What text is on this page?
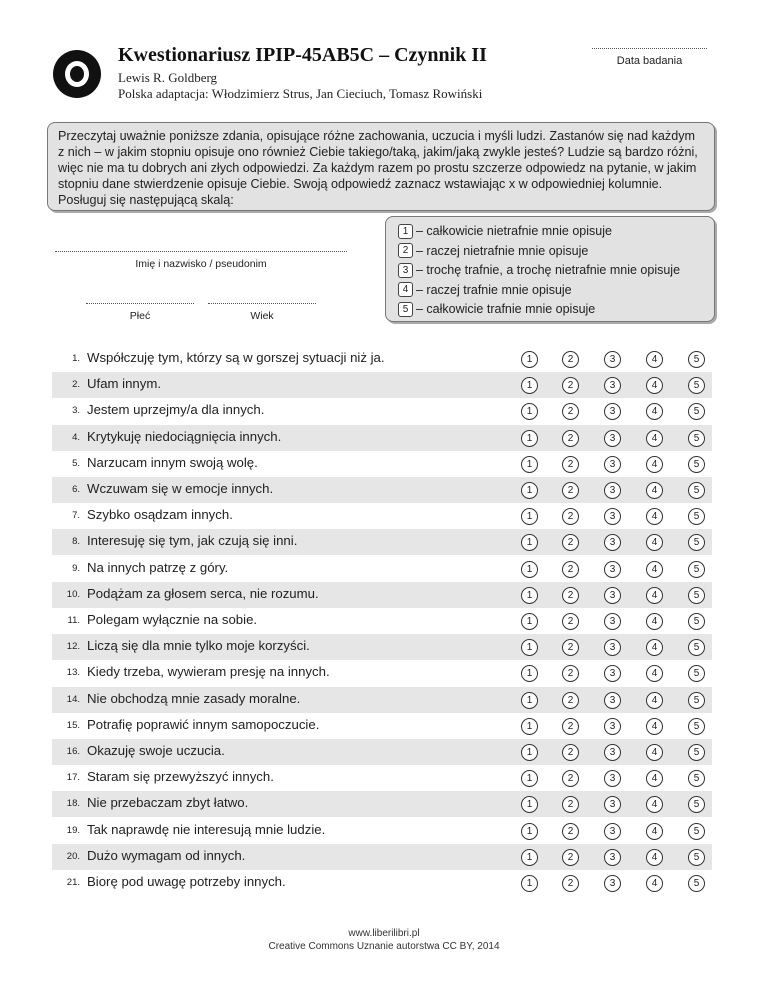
Kwestionariusz IPIP-45AB5C – Czynnik II
Lewis R. Goldberg
Polska adaptacja: Włodzimierz Strus, Jan Cieciuch, Tomasz Rowiński
Data badania

Przeczytaj uważnie poniższe zdania, opisujące różne zachowania, uczucia i myśli ludzi. Zastanów się nad każdym z nich – w jakim stopniu opisuje ono również Ciebie takiego/taką, jakim/jaką zwykle jesteś? Ludzie są bardzo różni, więc nie ma tu dobrych ani złych odpowiedzi. Za każdym razem po prostu szczerze odpowiedz na pytanie, w jakim stopniu dane stwierdzenie opisuje Ciebie. Swoją odpowiedź zaznacz wstawiając x w odpowiedniej kolumnie. Posługuj się następującą skalą:

Imię i nazwisko / pseudonim
Płeć	Wiek
1 – całkowicie nietrafnie mnie opisuje
2 – raczej nietrafnie mnie opisuje
3 – trochę trafnie, a trochę nietrafnie mnie opisuje
4 – raczej trafnie mnie opisuje
5 – całkowicie trafnie mnie opisuje
1. Współczuję tym, którzy są w gorszej sytuacji niż ja.	1	2	3	4	5
2. Ufam innym.	1	2	3	4	5
3. Jestem uprzejmy/a dla innych.	1	2	3	4	5
4. Krytykuję niedociągnięcia innych.	1	2	3	4	5
5. Narzucam innym swoją wolę.	1	2	3	4	5
6. Wczuwam się w emocje innych.	1	2	3	4	5
7. Szybko osądzam innych.	1	2	3	4	5
8. Interesuję się tym, jak czują się inni.	1	2	3	4	5
9. Na innych patrzę z góry.	1	2	3	4	5
10. Podążam za głosem serca, nie rozumu.	1	2	3	4	5
11. Polegam wyłącznie na sobie.	1	2	3	4	5
12. Liczą się dla mnie tylko moje korzyści.	1	2	3	4	5
13. Kiedy trzeba, wywieram presję na innych.	1	2	3	4	5
14. Nie obchodzą mnie zasady moralne.	1	2	3	4	5
15. Potrafię poprawić innym samopoczucie.	1	2	3	4	5
16. Okazuję swoje uczucia.	1	2	3	4	5
17. Staram się przewyższyć innych.	1	2	3	4	5
18. Nie przebaczam zbyt łatwo.	1	2	3	4	5
19. Tak naprawdę nie interesują mnie ludzie.	1	2	3	4	5
20. Dużo wymagam od innych.	1	2	3	4	5
21. Biorę pod uwagę potrzeby innych.	1	2	3	4	5
www.liberilibri.pl
Creative Commons Uznanie autorstwa CC BY, 2014
